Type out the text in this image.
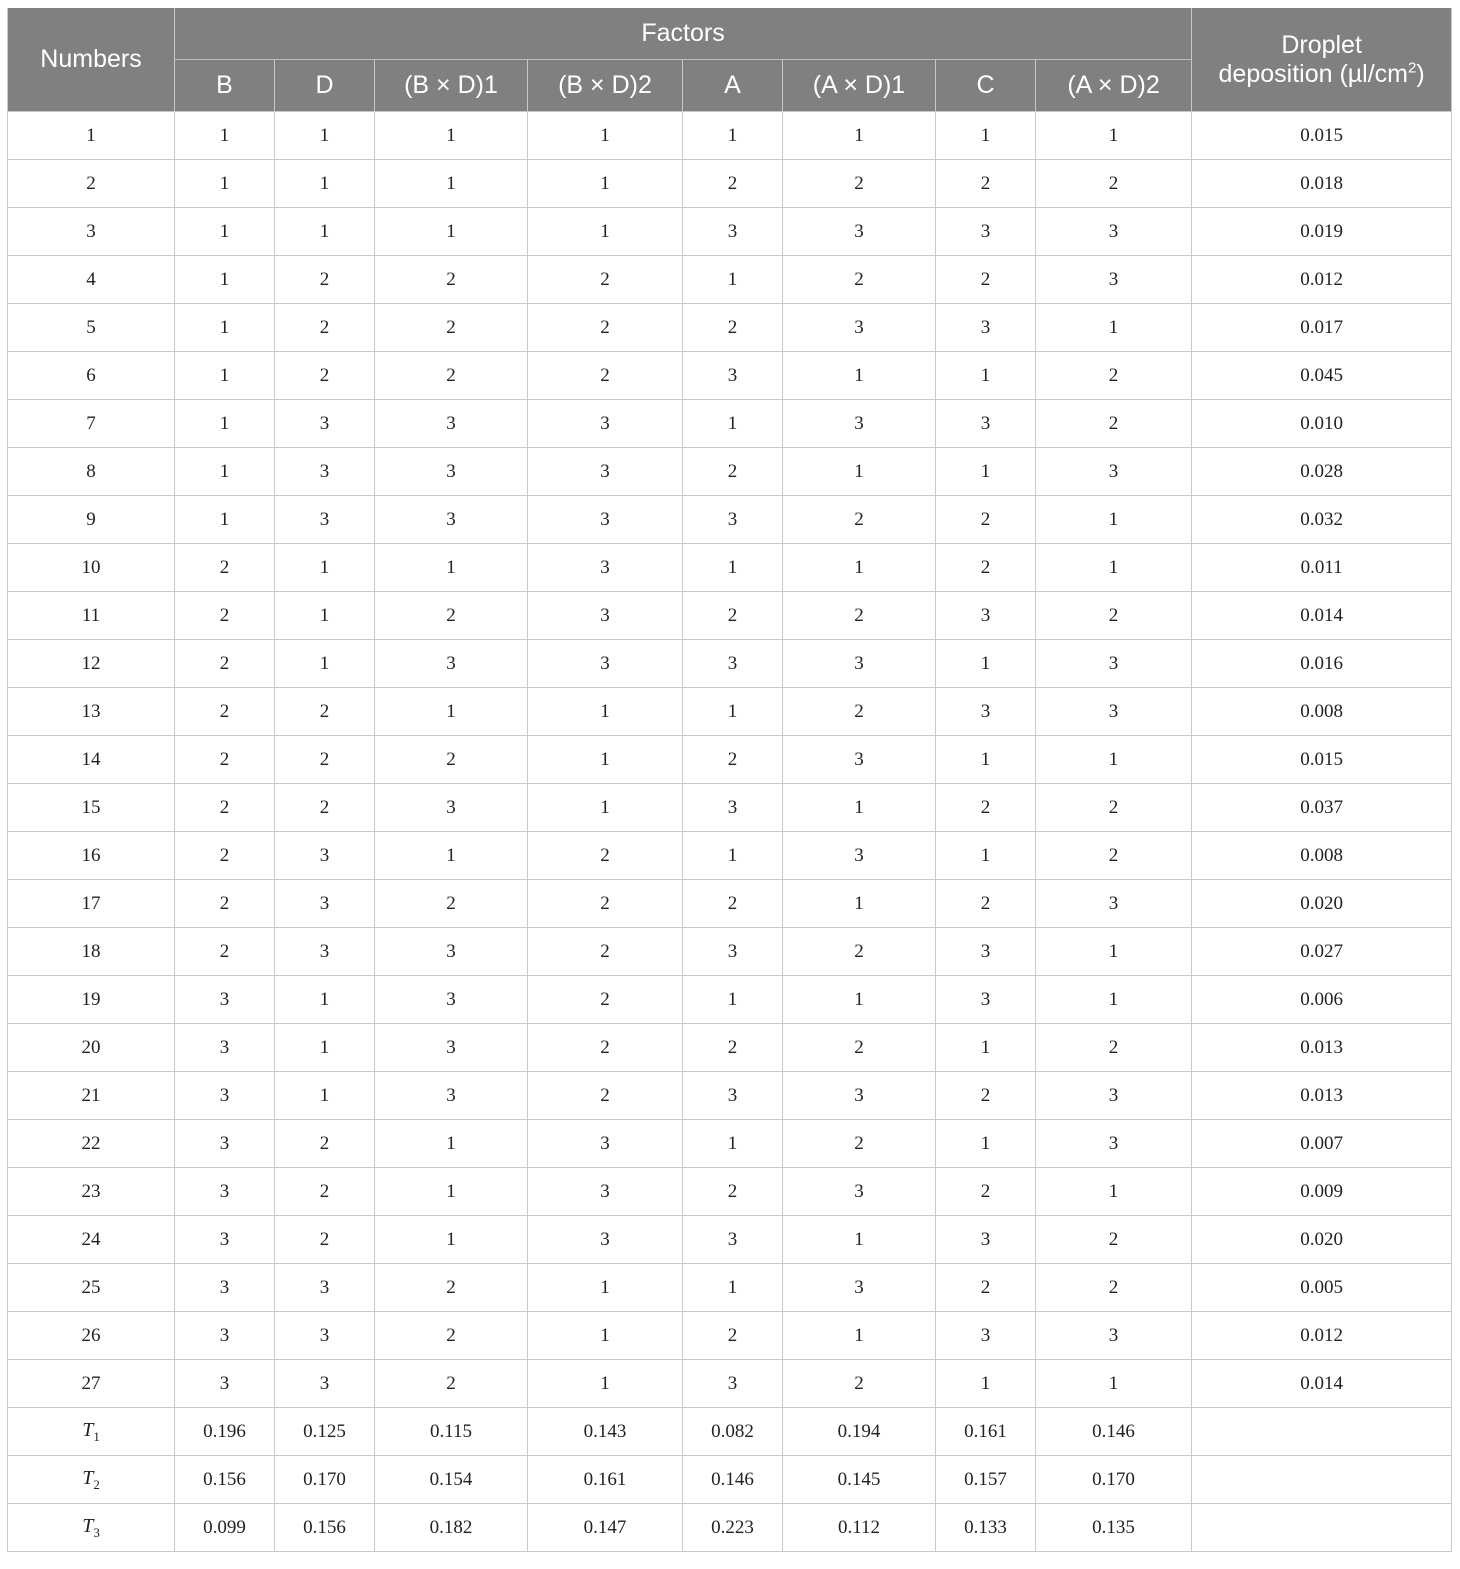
Numbers	Factors								Droplet
deposition $(\mu l/cm^2)$
	B	D	(B × D)1	(B × D)2	A	(A × D)1	C	(A × D)2	
1	1	1	1	1	1	1	1	1	0.015
2	1	1	1	1	2	2	2	2	0.018
3	1	1	1	1	3	3	3	3	0.019
4	1	2	2	2	1	2	2	3	0.012
5	1	2	2	2	2	3	3	1	0.017
6	1	2	2	2	3	1	1	2	0.045
7	1	3	3	3	1	3	3	2	0.010
8	1	3	3	3	2	1	1	3	0.028
9	1	3	3	3	3	2	2	1	0.032
10	2	1	1	3	1	1	2	1	0.011
11	2	1	2	3	2	2	3	2	0.014
12	2	1	3	3	3	3	1	3	0.016
13	2	2	1	1	1	2	3	3	0.008
14	2	2	2	1	2	3	1	1	0.015
15	2	2	3	1	3	1	2	2	0.037
16	2	3	1	2	1	3	1	2	0.008
17	2	3	2	2	2	1	2	3	0.020
18	2	3	3	2	3	2	3	1	0.027
19	3	1	3	2	1	1	3	1	0.006
20	3	1	3	2	2	2	1	2	0.013
21	3	1	3	2	3	3	2	3	0.013
22	3	2	1	3	1	2	1	3	0.007
23	3	2	1	3	2	3	2	1	0.009
24	3	2	1	3	3	1	3	2	0.020
25	3	3	2	1	1	3	2	2	0.005
26	3	3	2	1	2	1	3	3	0.012
27	3	3	2	1	3	2	1	1	0.014
$T_1$	0.196	0.125	0.115	0.143	0.082	0.194	0.161	0.146	
$T_2$	0.156	0.170	0.154	0.161	0.146	0.145	0.157	0.170	
$T_3$	0.099	0.156	0.182	0.147	0.223	0.112	0.133	0.135	
